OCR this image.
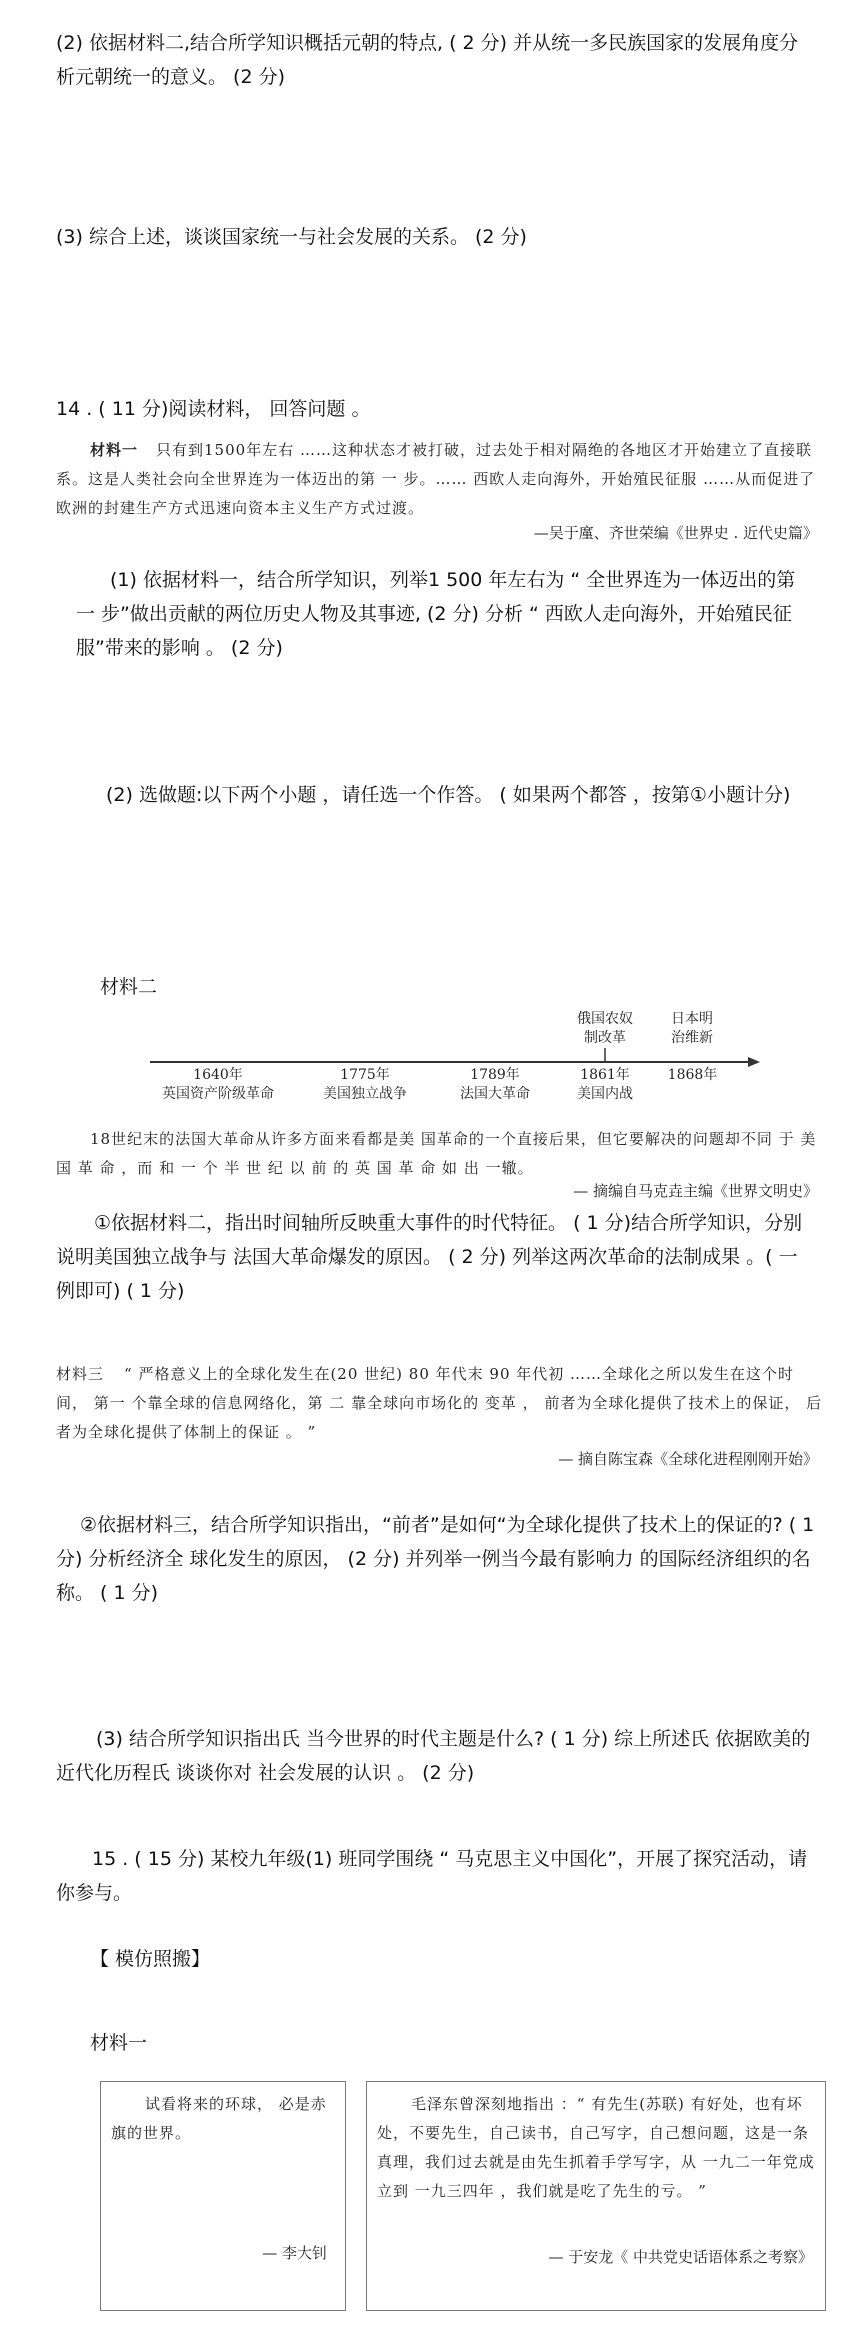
(2) 依据材料二,结合所学知识概括元朝的特点, ( 2 分) 并从统一多民族国家的发展角度分析元朝统一的意义。 (2 分)
(3) 综合上述，谈谈国家统一与社会发展的关系。 (2 分)
14 . ( 11 分)阅读材料， 回答问题 。
材料一 只有到1500年左右 ……这种状态才被打破，过去处于相对隔绝的各地区才开始建立了直接联系。这是人类社会向全世界连为一体迈出的第 一 步。…… 西欧人走向海外，开始殖民征服 ……从而促进了欧洲的封建生产方式迅速向资本主义生产方式过渡。
—吴于廑、齐世荣编《世界史 . 近代史篇》
(1) 依据材料一，结合所学知识，列举1 500 年左右为 “ 全世界连为一体迈出的第 一 步”做出贡献的两位历史人物及其事迹, (2 分) 分析 “ 西欧人走向海外，开始殖民征服”带来的影响 。 (2 分)
(2) 选做题:以下两个小题 ，请任选一个作答。 ( 如果两个都答 ，按第①小题计分)
材料二
俄国农奴
制改革
日本明
治维新
1640年
英国资产阶级革命
1775年
美国独立战争
1789年
法国大革命
1861年
美国内战
1868年
18世纪末的法国大革命从许多方面来看都是美 国革命的一个直接后果，但它要解决的问题却不同 于 美 国 革 命 ，而 和 一 个 半 世 纪 以 前 的 英 国 革 命 如 出 一辙。
— 摘编自马克垚主编《世界文明史》
①依据材料二，指出时间轴所反映重大事件的时代特征。 ( 1 分)结合所学知识，分别说明美国独立战争与 法国大革命爆发的原因。 ( 2 分) 列举这两次革命的法制成果 。( 一例即可) ( 1 分)
材料三 “ 严格意义上的全球化发生在(20 世纪) 80 年代末 90 年代初 ……全球化之所以发生在这个时间， 第一 个靠全球的信息网络化，第 二 靠全球向市场化的 变革 ， 前者为全球化提供了技术上的保证， 后者为全球化提供了体制上的保证 。 ”
— 摘自陈宝森《全球化进程刚刚开始》
②依据材料三，结合所学知识指出，“前者”是如何“为全球化提供了技术上的保证的? ( 1 分) 分析经济全 球化发生的原因， (2 分) 并列举一例当今最有影响力 的国际经济组织的名称。 ( 1 分)
(3) 结合所学知识指出⽒ 当今世界的时代主题是什么? ( 1 分) 综上所述⽒ 依据欧美的近代化历程⽒ 谈谈你对 社会发展的认识 。 (2 分)
15 . ( 15 分) 某校九年级(1) 班同学围绕 “ 马克思主义中国化”，开展了探究活动，请你参与。
【 模仿照搬】
材料一
试看将来的环球， 必是赤旗的世界。
— 李大钊
毛泽东曾深刻地指出 ：“ 有先生(苏联) 有好处，也有坏处，不要先生，自己读书，自己写字，自己想问题，这是一条真理，我们过去就是由先生抓着手学写字，从 一九二一年党成立到 一九三四年 ，我们就是吃了先生的亏。 ”
— 于安龙《 中共党史话语体系之考察》
